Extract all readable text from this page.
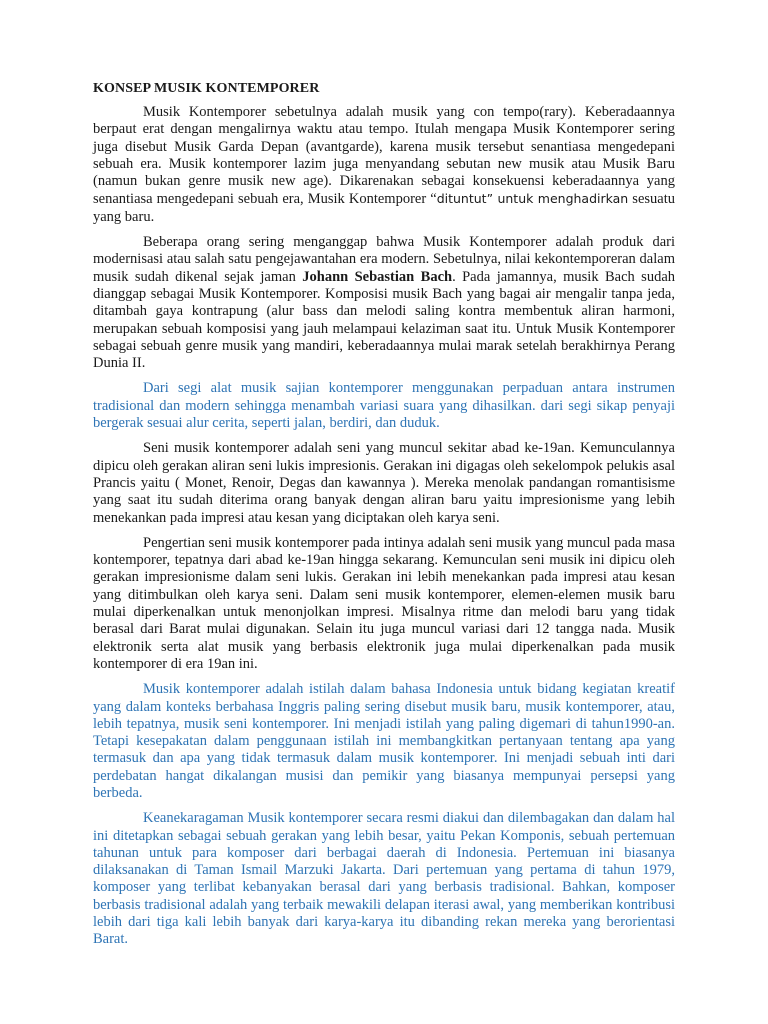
KONSEP MUSIK KONTEMPORER

Musik Kontemporer sebetulnya adalah musik yang con tempo(rary). Keberadaannya berpaut erat dengan mengalirnya waktu atau tempo. Itulah mengapa Musik Kontemporer sering juga disebut Musik Garda Depan (avantgarde), karena musik tersebut senantiasa mengedepani sebuah era. Musik kontemporer lazim juga menyandang sebutan new musik atau Musik Baru (namun bukan genre musik new age). Dikarenakan sebagai konsekuensi keberadaannya yang senantiasa mengedepani sebuah era, Musik Kontemporer “dituntut” untuk menghadirkan sesuatu yang baru.

Beberapa orang sering menganggap bahwa Musik Kontemporer adalah produk dari modernisasi atau salah satu pengejawantahan era modern. Sebetulnya, nilai kekontemporeran dalam musik sudah dikenal sejak jaman Johann Sebastian Bach. Pada jamannya, musik Bach sudah dianggap sebagai Musik Kontemporer. Komposisi musik Bach yang bagai air mengalir tanpa jeda, ditambah gaya kontrapung (alur bass dan melodi saling kontra membentuk aliran harmoni, merupakan sebuah komposisi yang jauh melampaui kelaziman saat itu. Untuk Musik Kontemporer sebagai sebuah genre musik yang mandiri, keberadaannya mulai marak setelah berakhirnya Perang Dunia II.

Dari segi alat musik sajian kontemporer menggunakan perpaduan antara instrumen tradisional dan modern sehingga menambah variasi suara yang dihasilkan. dari segi sikap penyaji bergerak sesuai alur cerita, seperti jalan, berdiri, dan duduk.

Seni musik kontemporer adalah seni yang muncul sekitar abad ke-19an. Kemunculannya dipicu oleh gerakan aliran seni lukis impresionis. Gerakan ini digagas oleh sekelompok pelukis asal Prancis yaitu ( Monet, Renoir, Degas dan kawannya ). Mereka menolak pandangan romantisisme yang saat itu sudah diterima orang banyak dengan aliran baru yaitu impresionisme yang lebih menekankan pada impresi atau kesan yang diciptakan oleh karya seni.

Pengertian seni musik kontemporer pada intinya adalah seni musik yang muncul pada masa kontemporer, tepatnya dari abad ke-19an hingga sekarang. Kemunculan seni musik ini dipicu oleh gerakan impresionisme dalam seni lukis. Gerakan ini lebih menekankan pada impresi atau kesan yang ditimbulkan oleh karya seni. Dalam seni musik kontemporer, elemen-elemen musik baru mulai diperkenalkan untuk menonjolkan impresi. Misalnya ritme dan melodi baru yang tidak berasal dari Barat mulai digunakan. Selain itu juga muncul variasi dari 12 tangga nada. Musik elektronik serta alat musik yang berbasis elektronik juga mulai diperkenalkan pada musik kontemporer di era 19an ini.

Musik kontemporer adalah istilah dalam bahasa Indonesia untuk bidang kegiatan kreatif yang dalam konteks berbahasa Inggris paling sering disebut musik baru, musik kontemporer, atau, lebih tepatnya, musik seni kontemporer. Ini menjadi istilah yang paling digemari di tahun1990-an. Tetapi kesepakatan dalam penggunaan istilah ini membangkitkan pertanyaan tentang apa yang termasuk dan apa yang tidak termasuk dalam musik kontemporer. Ini menjadi sebuah inti dari perdebatan hangat dikalangan musisi dan pemikir yang biasanya mempunyai persepsi yang berbeda.

Keanekaragaman Musik kontemporer secara resmi diakui dan dilembagakan dan dalam hal ini ditetapkan sebagai sebuah gerakan yang lebih besar, yaitu Pekan Komponis, sebuah pertemuan tahunan untuk para komposer dari berbagai daerah di Indonesia. Pertemuan ini biasanya dilaksanakan di Taman Ismail Marzuki Jakarta. Dari pertemuan yang pertama di tahun 1979, komposer yang terlibat kebanyakan berasal dari yang berbasis tradisional. Bahkan, komposer berbasis tradisional adalah yang terbaik mewakili delapan iterasi awal, yang memberikan kontribusi lebih dari tiga kali lebih banyak dari karya-karya itu dibanding rekan mereka yang berorientasi Barat.
